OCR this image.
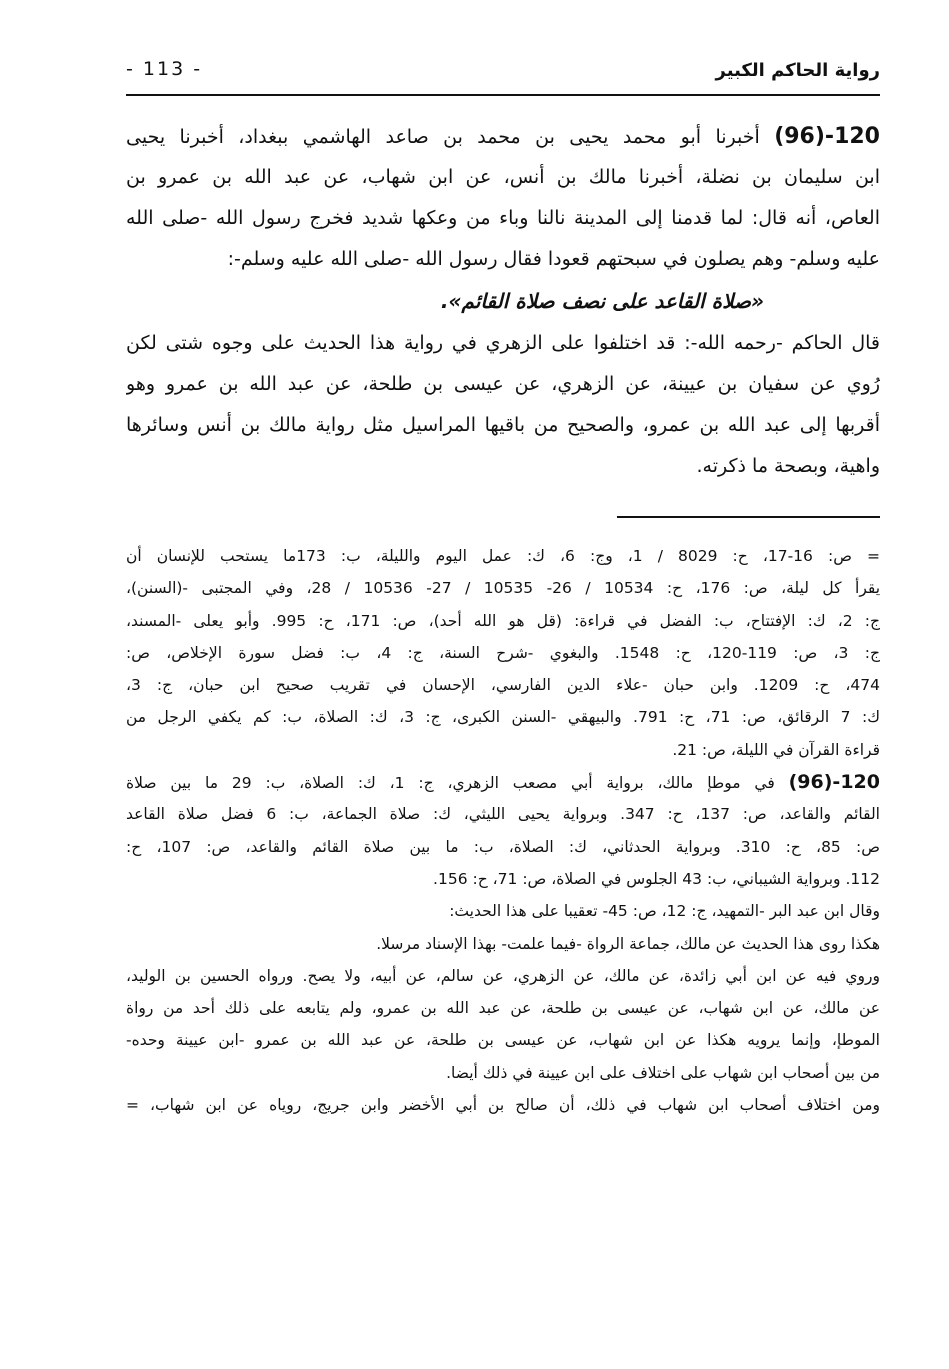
- 113 -	رواية الحاكم الكبير
120-(96) أخبرنا أبو محمد يحيى بن محمد بن صاعد الهاشمي ببغداد، أخبرنا يحيى
ابن سليمان بن نضلة، أخبرنا مالك بن أنس، عن ابن شهاب، عن عبد الله بن عمرو بن
العاص، أنه قال: لما قدمنا إلى المدينة نالنا وباء من وعكها شديد فخرج رسول الله -صلى الله
عليه وسلم- وهم يصلون في سبحتهم قعودا فقال رسول الله -صلى الله عليه وسلم-:
«صلاة القاعد على نصف صلاة القائم».
قال الحاكم -رحمه الله-: قد اختلفوا على الزهري في رواية هذا الحديث على وجوه شتى لكن
رُوي عن سفيان بن عيينة، عن الزهري، عن عيسى بن طلحة، عن عبد الله بن عمرو وهو
أقربها إلى عبد الله بن عمرو، والصحيح من باقيها المراسيل مثل رواية مالك بن أنس وسائرها
واهية، وبصحة ما ذكرته.
= ص: 16-17، ح: 8029 / 1، وج: 6، ك: عمل اليوم والليلة، ب: 173ما يستحب للإنسان أن
يقرأ كل ليلة، ص: 176، ح: 10534 / 26- 10535 / 27- 10536 / 28، وفي المجتبى -(السنن)،
ج: 2، ك: الإفتتاح، ب: الفضل في قراءة: (قل هو الله أحد)، ص: 171، ح: 995. وأبو يعلى -المسند،
ج: 3، ص: 119-120، ح: 1548. والبغوي -شرح السنة، ج: 4، ب: فضل سورة الإخلاص، ص:
474، ح: 1209. وابن حبان -علاء الدين الفارسي، الإحسان في تقريب صحيح ابن حبان، ج: 3،
ك: 7 الرقائق، ص: 71، ح: 791. والبيهقي -السنن الكبرى، ج: 3، ك: الصلاة، ب: كم يكفي الرجل من
قراءة القرآن في الليلة، ص: 21.
120-(96) في موطإ مالك، برواية أبي مصعب الزهري، ج: 1، ك: الصلاة، ب: 29 ما بين صلاة
القائم والقاعد، ص: 137، ح: 347. وبرواية يحيى الليثي، ك: صلاة الجماعة، ب: 6 فضل صلاة القاعد
ص: 85، ح: 310. وبرواية الحدثاني، ك: الصلاة، ب: ما بين صلاة القائم والقاعد، ص: 107، ح:
112. وبرواية الشيباني، ب: 43 الجلوس في الصلاة، ص: 71، ح: 156.
وقال ابن عبد البر -التمهيد، ج: 12، ص: 45- تعقيبا على هذا الحديث:
هكذا روى هذا الحديث عن مالك، جماعة الرواة -فيما علمت- بهذا الإسناد مرسلا.
وروي فيه عن ابن أبي زائدة، عن مالك، عن الزهري، عن سالم، عن أبيه، ولا يصح. ورواه الحسين بن الوليد،
عن مالك، عن ابن شهاب، عن عيسى بن طلحة، عن عبد الله بن عمرو، ولم يتابعه على ذلك أحد من رواة
الموطإ، وإنما يرويه هكذا عن ابن شهاب، عن عيسى بن طلحة، عن عبد الله بن عمرو -ابن عيينة وحده-
من بين أصحاب ابن شهاب على اختلاف على ابن عيينة في ذلك أيضا.
ومن اختلاف أصحاب ابن شهاب في ذلك، أن صالح بن أبي الأخضر وابن جريج، روياه عن ابن شهاب، =
